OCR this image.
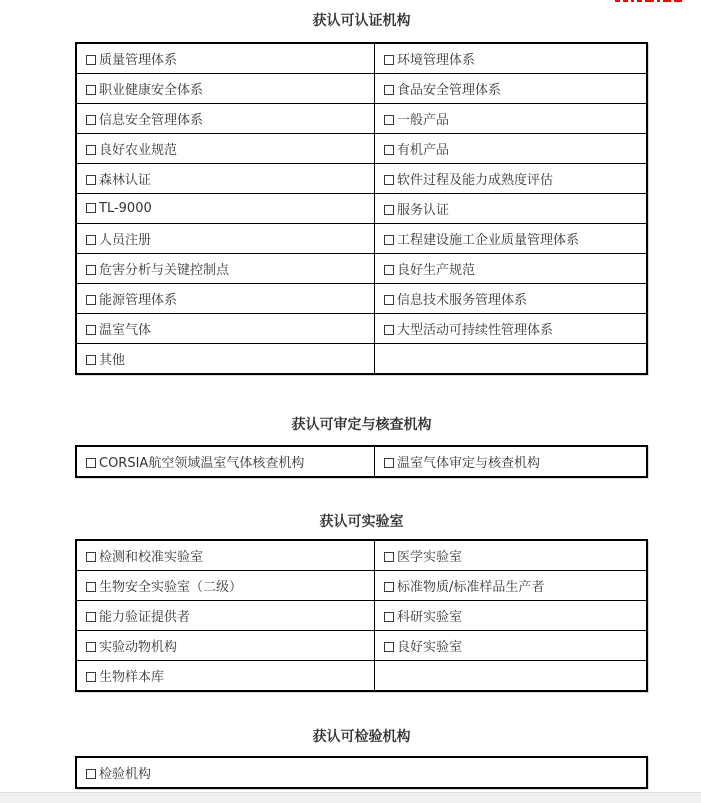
获认可认证机构
质量管理体系	环境管理体系
职业健康安全体系	食品安全管理体系
信息安全管理体系	一般产品
良好农业规范	有机产品
森林认证	软件过程及能力成熟度评估
TL-9000	服务认证
人员注册	工程建设施工企业质量管理体系
危害分析与关键控制点	良好生产规范
能源管理体系	信息技术服务管理体系
温室气体	大型活动可持续性管理体系
其他	
获认可审定与核查机构
CORSIA航空领域温室气体核查机构	温室气体审定与核查机构
获认可实验室
检测和校准实验室	医学实验室
生物安全实验室（二级）	标准物质/标准样品生产者
能力验证提供者	科研实验室
实验动物机构	良好实验室
生物样本库	
获认可检验机构
检验机构
